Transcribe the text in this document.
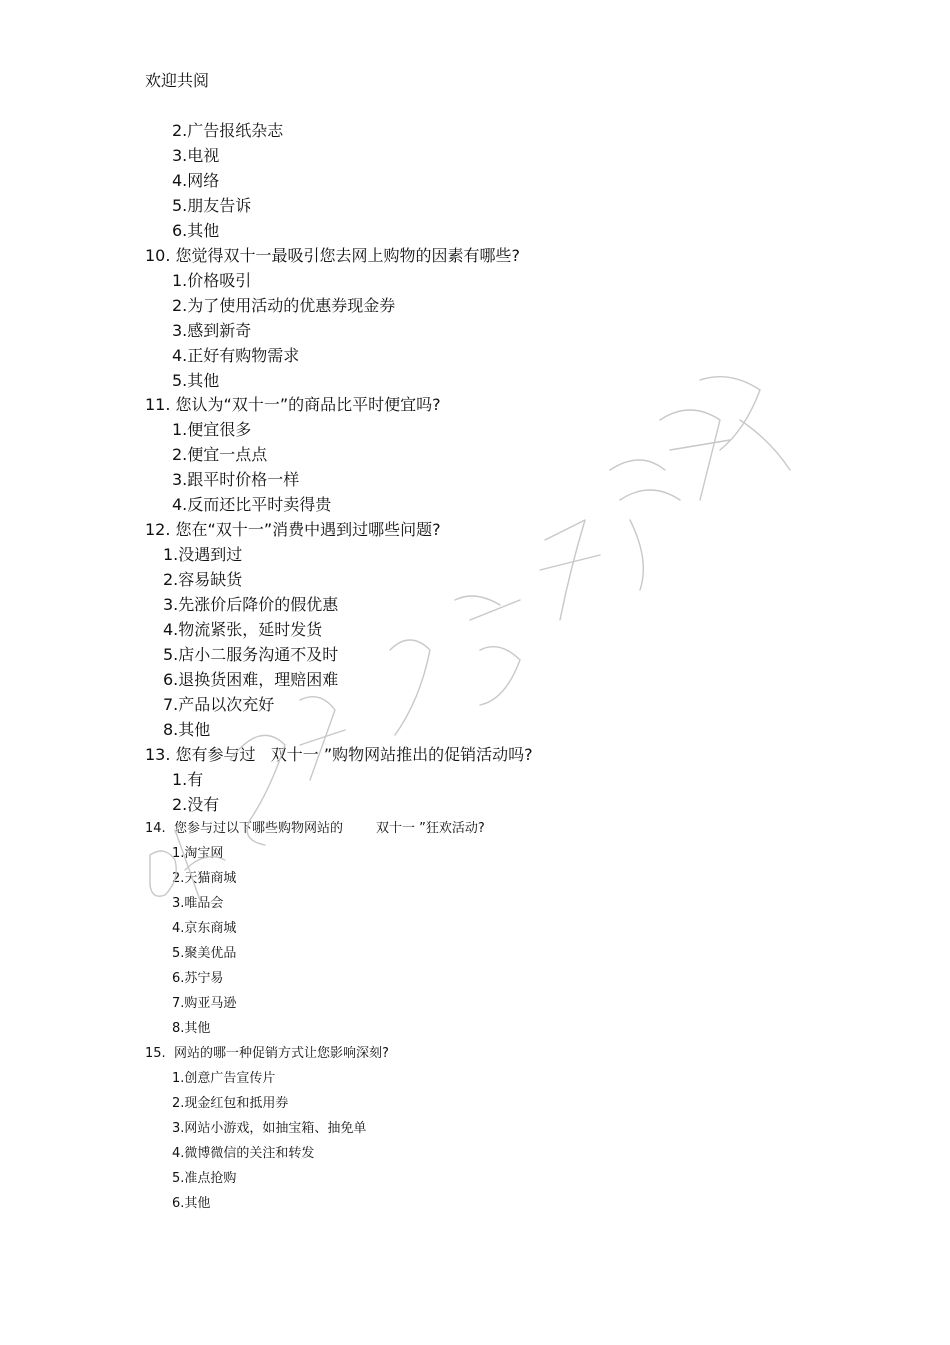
欢迎共阅
2.广告报纸杂志
3.电视
4.网络
5.朋友告诉
6.其他
10. 您觉得双十一最吸引您去网上购物的因素有哪些?
1.价格吸引
2.为了使用活动的优惠券现金券
3.感到新奇
4.正好有购物需求
5.其他
11. 您认为“双十一”的商品比平时便宜吗?
1.便宜很多
2.便宜一点点
3.跟平时价格一样
4.反而还比平时卖得贵
12. 您在“双十一”消费中遇到过哪些问题?
1.没遇到过
2.容易缺货
3.先涨价后降价的假优惠
4.物流紧张，延时发货
5.店小二服务沟通不及时
6.退换货困难，理赔困难
7.产品以次充好
8.其他
13. 您有参与过   双十一 ”购物网站推出的促销活动吗?
1.有
2.没有
14.  您参与过以下哪些购物网站的        双十一 ”狂欢活动?
1.淘宝网
2.天猫商城
3.唯品会
4.京东商城
5.聚美优品
6.苏宁易
7.购亚马逊
8.其他
15.  网站的哪一种促销方式让您影响深刻?
1.创意广告宣传片
2.现金红包和抵用券
3.网站小游戏，如抽宝箱、抽免单
4.微博微信的关注和转发
5.准点抢购
6.其他
